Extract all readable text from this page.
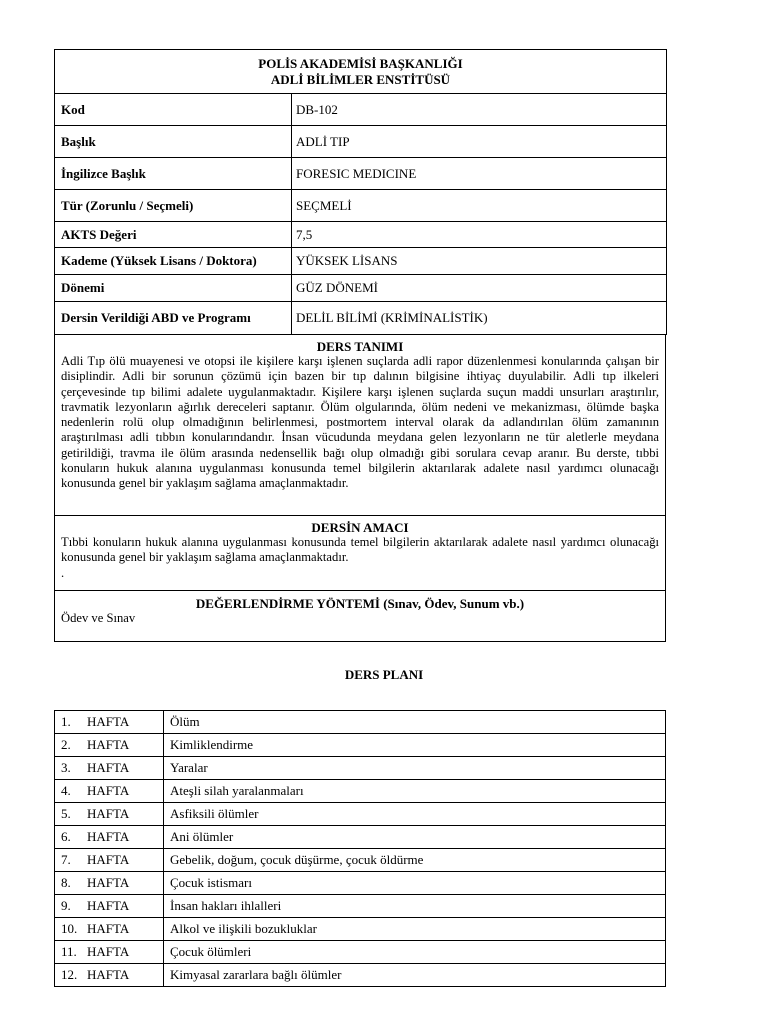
POLİS AKADEMİSİ BAŞKANLIĞI
ADLİ BİLİMLER ENSTİTÜSÜ	

Kod	DB-102
Başlık	ADLİ TIP
İngilizce Başlık	FORESIC MEDICINE
Tür (Zorunlu / Seçmeli)	SEÇMELİ
AKTS Değeri	7,5
Kademe (Yüksek Lisans / Doktora)	YÜKSEK LİSANS
Dönemi	GÜZ DÖNEMİ
Dersin Verildiği ABD ve Programı	DELİL BİLİMİ (KRİMİNALİSTİK)
DERS TANIMI
Adli Tıp ölü muayenesi ve otopsi ile kişilere karşı işlenen suçlarda adli rapor düzenlenmesi konularında çalışan bir disiplindir. Adli bir sorunun çözümü için bazen bir tıp dalının bilgisine ihtiyaç duyulabilir. Adli tıp ilkeleri çerçevesinde tıp bilimi adalete uygulanmaktadır. Kişilere karşı işlenen suçlarda suçun maddi unsurları araştırılır, travmatik lezyonların ağırlık dereceleri saptanır. Ölüm olgularında, ölüm nedeni ve mekanizması, ölümde başka nedenlerin rolü olup olmadığının belirlenmesi, postmortem interval olarak da adlandırılan ölüm zamanının araştırılması adli tıbbın konularındandır. İnsan vücudunda meydana gelen lezyonların ne tür aletlerle meydana getirildiği, travma ile ölüm arasında nedensellik bağı olup olmadığı gibi sorulara cevap aranır. Bu derste, tıbbi konuların hukuk alanına uygulanması konusunda temel bilgilerin aktarılarak adalete nasıl yardımcı olunacağı konusunda genel bir yaklaşım sağlama amaçlanmaktadır.
DERSİN AMACI
Tıbbi konuların hukuk alanına uygulanması konusunda temel bilgilerin aktarılarak adalete nasıl yardımcı olunacağı konusunda genel bir yaklaşım sağlama amaçlanmaktadır.
.
DEĞERLENDİRME YÖNTEMİ (Sınav, Ödev, Sunum vb.)
Ödev ve Sınav
DERS PLANI
1. HAFTA	Ölüm
2. HAFTA	Kimliklendirme
3. HAFTA	Yaralar
4. HAFTA	Ateşli silah yaralanmaları
5. HAFTA	Asfiksili ölümler
6. HAFTA	Ani ölümler
7. HAFTA	Gebelik, doğum, çocuk düşürme, çocuk öldürme
8. HAFTA	Çocuk istismarı
9. HAFTA	İnsan hakları ihlalleri
10. HAFTA	Alkol ve ilişkili bozukluklar
11. HAFTA	Çocuk ölümleri
12. HAFTA	Kimyasal zararlara bağlı ölümler
